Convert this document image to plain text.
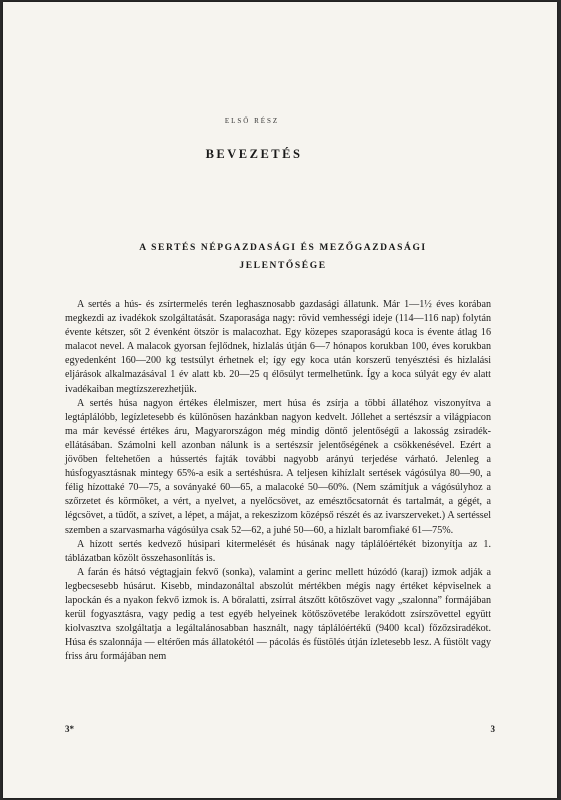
ELSŐ RÉSZ
BEVEZETÉS
A SERTÉS NÉPGAZDASÁGI ÉS MEZŐGAZDASÁGI
JELENTŐSÉGE

A sertés a hús- és zsírtermelés terén leghasznosabb gazdasági állatunk. Már 1—1½ éves korában megkezdi az ivadékok szolgáltatását. Szaporasága nagy: rövid vemhességi ideje (114—116 nap) folytán évente kétszer, sőt 2 évenként ötször is malacozhat. Egy közepes szaporaságú koca is évente átlag 16 malacot nevel. A malacok gyorsan fejlődnek, hizlalás útján 6—7 hónapos korukban 100, éves korukban egyedenként 160—200 kg testsúlyt érhetnek el; így egy koca után korszerű tenyésztési és hizlalási eljárások alkalmazásával 1 év alatt kb. 20—25 q élősúlyt termelhetünk. Így a koca súlyát egy év alatt ivadékaiban megtízszerezhetjük.

A sertés húsa nagyon értékes élelmiszer, mert húsa és zsírja a többi állatéhoz viszonyítva a legtáplálóbb, legízletesebb és különösen hazánkban nagyon kedvelt. Jóllehet a sertészsír a világpiacon ma már kevéssé értékes áru, Magyarországon még mindig döntő jelentőségű a lakosság zsiradék-ellátásában. Számolni kell azonban nálunk is a sertészsír jelentőségének a csökkenésével. Ezért a jövőben feltehetően a hússertés fajták további nagyobb arányú terjedése várható. Jelenleg a húsfogyasztásnak mintegy 65%-a esik a sertéshúsra. A teljesen kihízlalt sertések vágósúlya 80—90, a félig hízottaké 70—75, a soványaké 60—65, a malacoké 50—60%. (Nem számítjuk a vágósúlyhoz a szőrzetet és körmöket, a vért, a nyelvet, a nyelőcsövet, az emésztőcsatornát és tartalmát, a gégét, a légcsövet, a tüdőt, a szívet, a lépet, a májat, a rekeszizom középső részét és az ivarszerveket.) A sertéssel szemben a szarvasmarha vágósúlya csak 52—62, a juhé 50—60, a hizlalt baromfiaké 61—75%.

A hízott sertés kedvező húsipari kitermelését és húsának nagy táplálóértékét bizonyítja az 1. táblázatban közölt összehasonlítás is.

A farán és hátsó végtagjain fekvő (sonka), valamint a gerinc mellett húzódó (karaj) izmok adják a legbecsesebb húsárut. Kisebb, mindazonáltal abszolút mértékben mégis nagy értéket képviselnek a lapockán és a nyakon fekvő izmok is. A bőralatti, zsírral átszőtt kötőszövet vagy „szalonna” formájában kerül fogyasztásra, vagy pedig a test egyéb helyeinek kötőszövetébe lerakódott zsírszövettel együtt kiolvasztva szolgáltatja a legáltalánosabban használt, nagy táplálóértékű (9400 kcal) főzőzsiradékot. Húsa és szalonnája — eltérően más állatokétól — pácolás és füstölés útján ízletesebb lesz. A füstölt vagy friss áru formájában nem

3*	3
